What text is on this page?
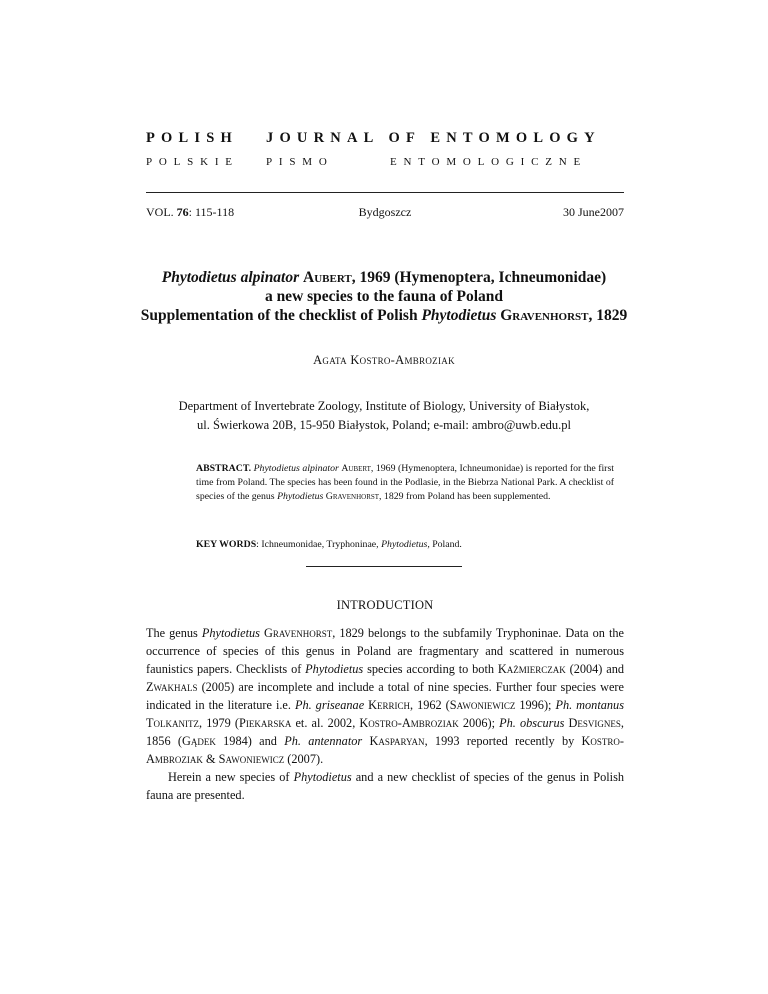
POLISH JOURNAL OF ENTOMOLOGY
POLSKIE PISMO	ENTOMOLOGICZNE
VOL. 76: 115-118	Bydgoszcz	30 June2007

Phytodietus alpinator Aubert, 1969 (Hymenoptera, Ichneumonidae)

a new species to the fauna of Poland

Supplementation of the checklist of Polish Phytodietus Gravenhorst, 1829

Agata Kostro-Ambroziak

Department of Invertebrate Zoology, Institute of Biology, University of Białystok,

ul. Świerkowa 20B, 15-950 Białystok, Poland; e-mail: ambro@uwb.edu.pl

ABSTRACT. Phytodietus alpinator Aubert, 1969 (Hymenoptera, Ichneumonidae) is reported for the first time from Poland. The species has been found in the Podlasie, in the Biebrza National Park. A checklist of species of the genus Phytodietus Gravenhorst, 1829 from Poland has been supplemented.
KEY WORDS: Ichneumonidae, Tryphoninae, Phytodietus, Poland.
INTRODUCTION

The genus Phytodietus Gravenhorst, 1829 belongs to the subfamily Tryphoninae. Data on the occurrence of species of this genus in Poland are fragmentary and scattered in numerous faunistics papers. Checklists of Phytodietus species according to both Każmierczak (2004) and Zwakhals (2005) are incomplete and include a total of nine species. Further four species were indicated in the literature i.e. Ph. griseanae Kerrich, 1962 (Sawoniewicz 1996); Ph. montanus Tolkanitz, 1979 (Piekarska et. al. 2002, Kostro-Ambroziak 2006); Ph. obscurus Desvignes, 1856 (Gądek 1984) and Ph. antennator Kasparyan, 1993 reported recently by Kostro-Ambroziak & Sawoniewicz (2007).

Herein a new species of Phytodietus and a new checklist of species of the genus in Polish fauna are presented.
